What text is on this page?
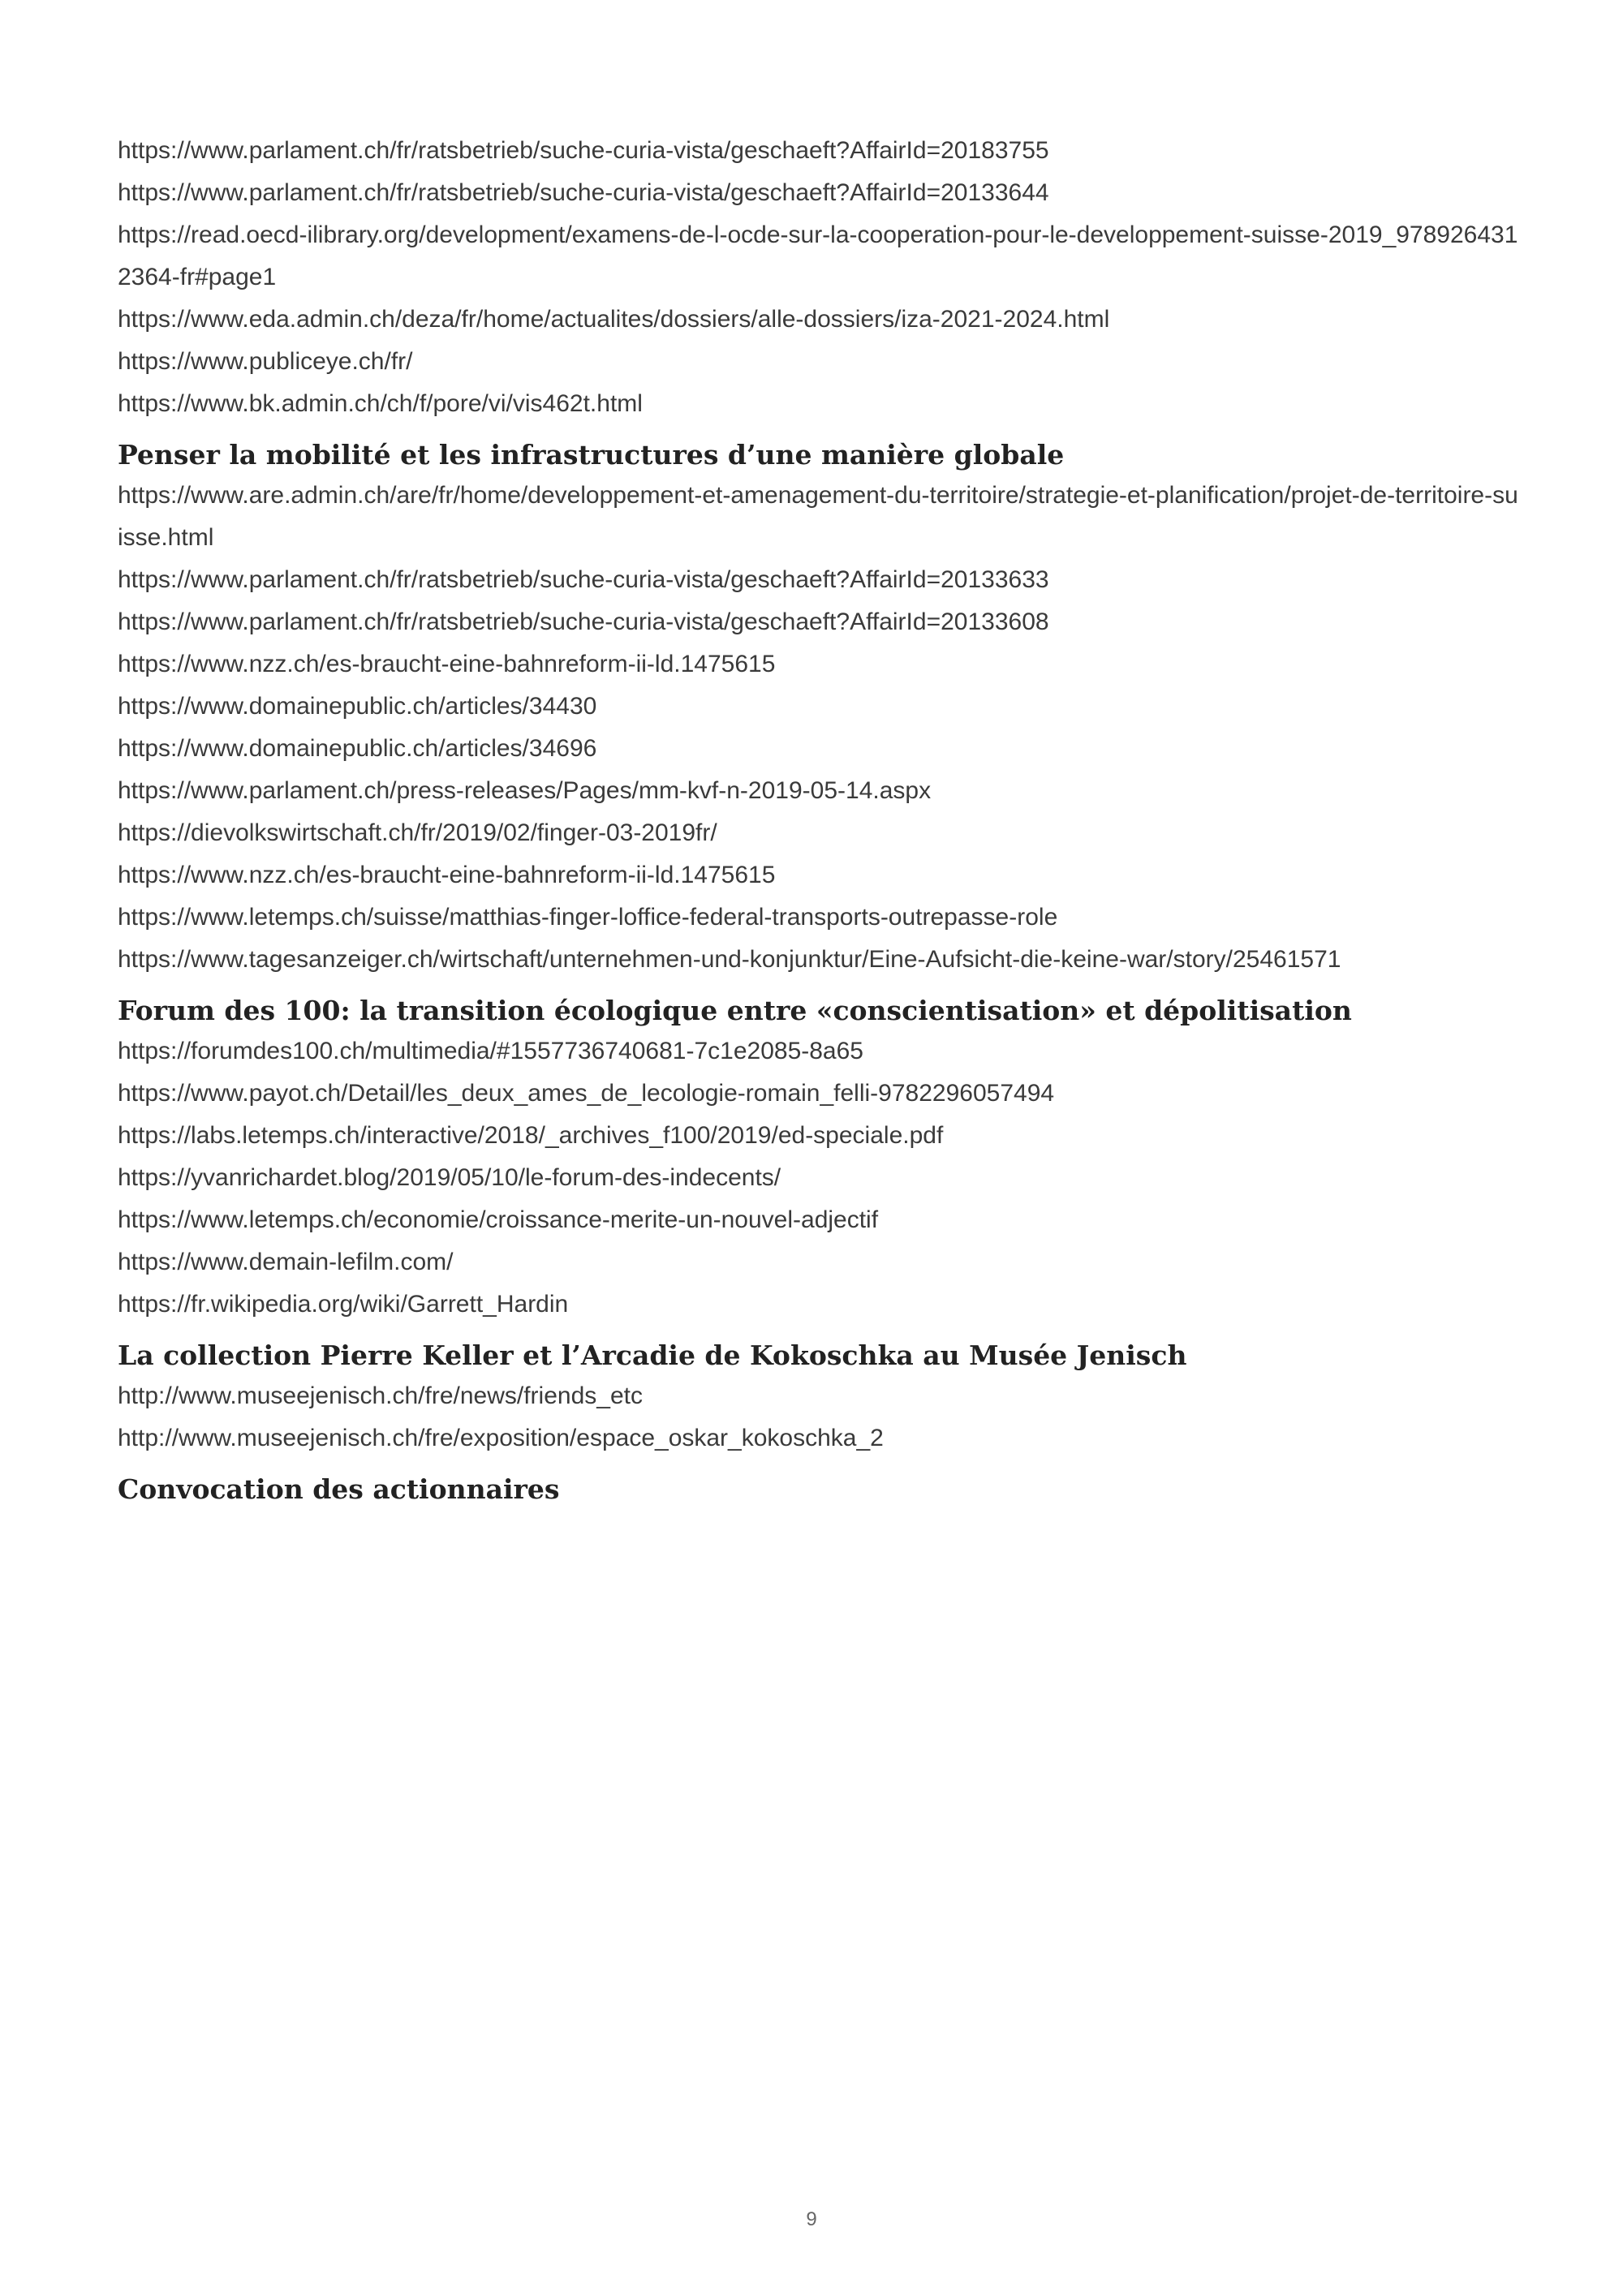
https://www.parlament.ch/fr/ratsbetrieb/suche-curia-vista/geschaeft?AffairId=20183755
https://www.parlament.ch/fr/ratsbetrieb/suche-curia-vista/geschaeft?AffairId=20133644
https://read.oecd-ilibrary.org/development/examens-de-l-ocde-sur-la-cooperation-pour-le-developpement-suisse-2019_9789264312364-fr#page1
https://www.eda.admin.ch/deza/fr/home/actualites/dossiers/alle-dossiers/iza-2021-2024.html
https://www.publiceye.ch/fr/
https://www.bk.admin.ch/ch/f/pore/vi/vis462t.html
Penser la mobilité et les infrastructures d’une manière globale
https://www.are.admin.ch/are/fr/home/developpement-et-amenagement-du-territoire/strategie-et-planification/projet-de-territoire-suisse.html
https://www.parlament.ch/fr/ratsbetrieb/suche-curia-vista/geschaeft?AffairId=20133633
https://www.parlament.ch/fr/ratsbetrieb/suche-curia-vista/geschaeft?AffairId=20133608
https://www.nzz.ch/es-braucht-eine-bahnreform-ii-ld.1475615
https://www.domainepublic.ch/articles/34430
https://www.domainepublic.ch/articles/34696
https://www.parlament.ch/press-releases/Pages/mm-kvf-n-2019-05-14.aspx
https://dievolkswirtschaft.ch/fr/2019/02/finger-03-2019fr/
https://www.nzz.ch/es-braucht-eine-bahnreform-ii-ld.1475615
https://www.letemps.ch/suisse/matthias-finger-loffice-federal-transports-outrepasse-role
https://www.tagesanzeiger.ch/wirtschaft/unternehmen-und-konjunktur/Eine-Aufsicht-die-keine-war/story/25461571
Forum des 100: la transition écologique entre «conscientisation» et dépolitisation
https://forumdes100.ch/multimedia/#1557736740681-7c1e2085-8a65
https://www.payot.ch/Detail/les_deux_ames_de_lecologie-romain_felli-9782296057494
https://labs.letemps.ch/interactive/2018/_archives_f100/2019/ed-speciale.pdf
https://yvanrichardet.blog/2019/05/10/le-forum-des-indecents/
https://www.letemps.ch/economie/croissance-merite-un-nouvel-adjectif
https://www.demain-lefilm.com/
https://fr.wikipedia.org/wiki/Garrett_Hardin
La collection Pierre Keller et l’Arcadie de Kokoschka au Musée Jenisch
http://www.museejenisch.ch/fre/news/friends_etc
http://www.museejenisch.ch/fre/exposition/espace_oskar_kokoschka_2
Convocation des actionnaires
9
